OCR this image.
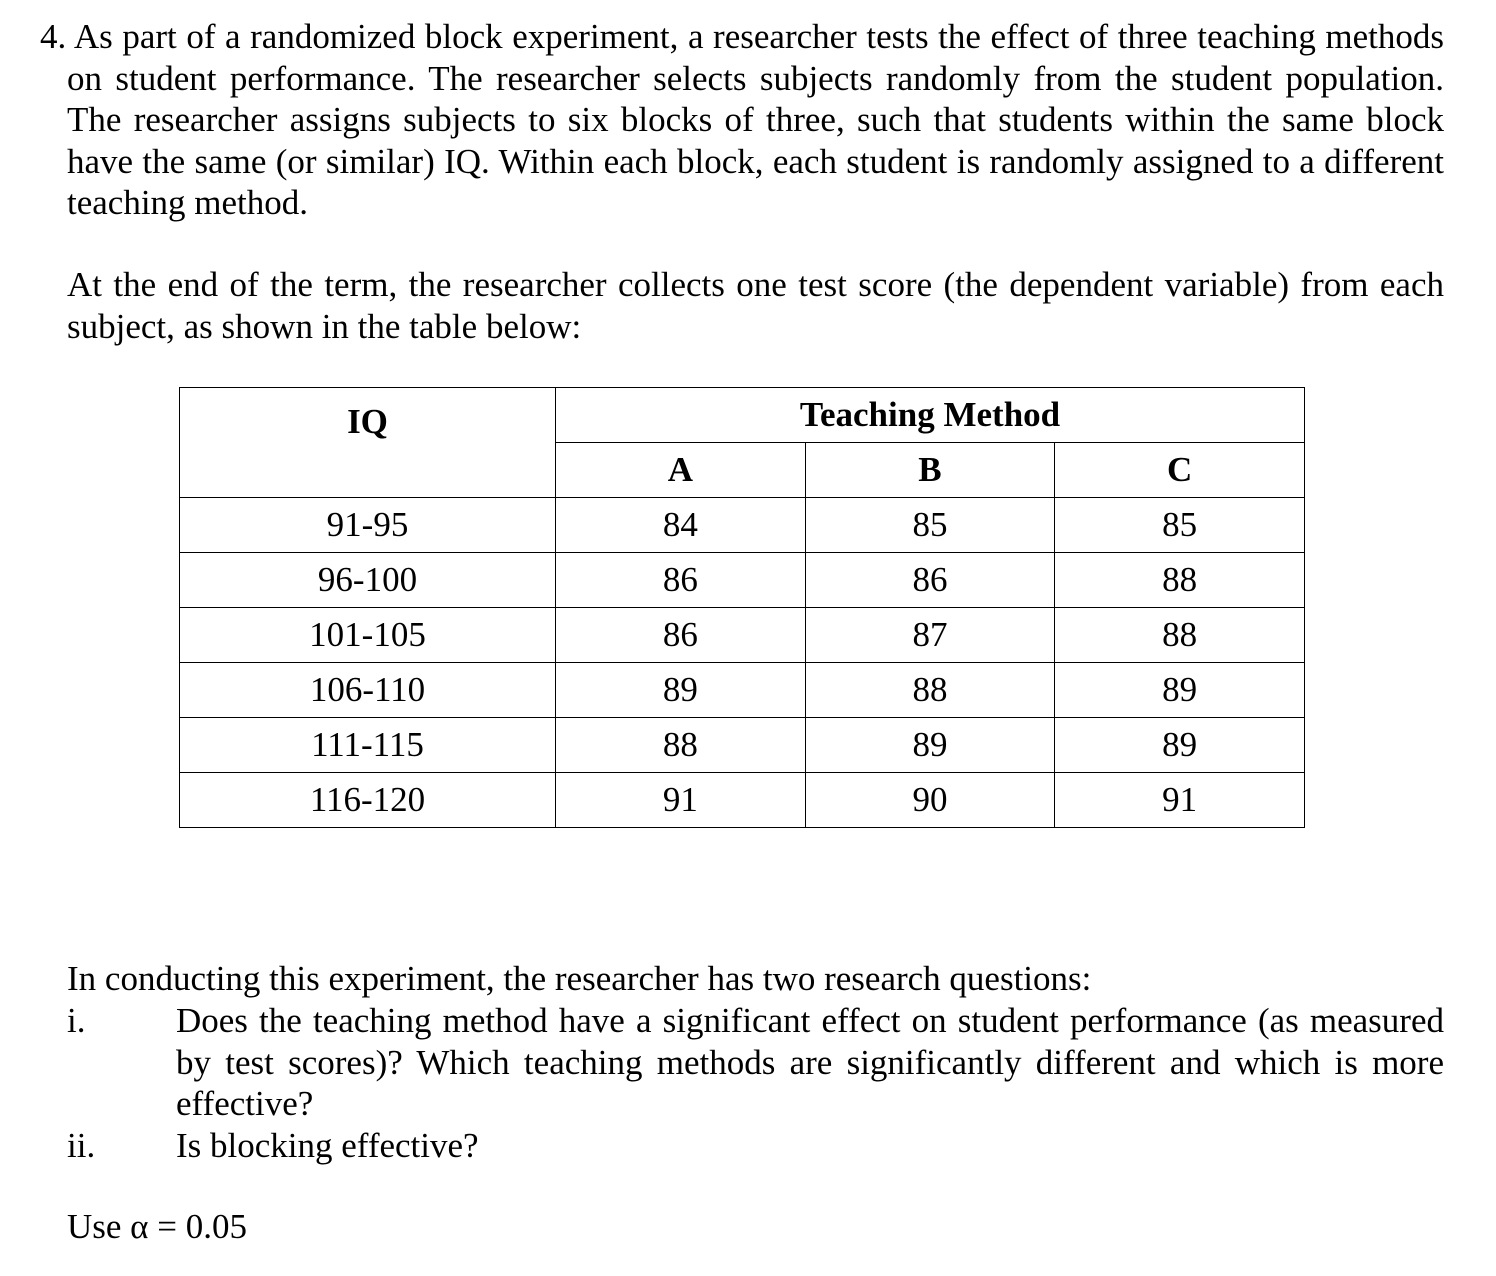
4. As part of a randomized block experiment, a researcher tests the effect of three teaching methods on student performance. The researcher selects subjects randomly from the student population. The researcher assigns subjects to six blocks of three, such that students within the same block have the same (or similar) IQ. Within each block, each student is randomly assigned to a different teaching method.

At the end of the term, the researcher collects one test score (the dependent variable) from each subject, as shown in the table below:

IQ	Teaching Method		
	A	B	C
91-95	84	85	85
96-100	86	86	88
101-105	86	87	88
106-110	89	88	89
111-115	88	89	89
116-120	91	90	91

In conducting this experiment, the researcher has two research questions:

i.	Does the teaching method have a significant effect on student performance (as measured by test scores)? Which teaching methods are significantly different and which is more effective?
ii.	Is blocking effective?
Use α = 0.05
